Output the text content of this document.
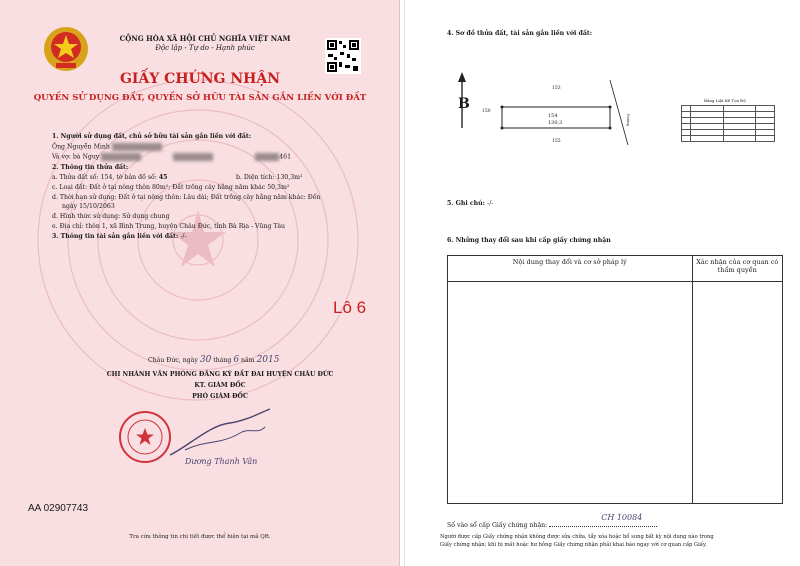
CỘNG HÒA XÃ HỘI CHỦ NGHĨA VIỆT NAM
Độc lập - Tự do - Hạnh phúc
GIẤY CHỨNG NHẬN
QUYỀN SỬ DỤNG ĐẤT, QUYỀN SỞ HỮU TÀI SẢN GẮN LIỀN VỚI ĐẤT
1. Người sử dụng đất, chủ sở hữu tài sản gắn liền với đất:
Ông Nguyễn Minh
Và vợ: bà Nguy	461
2. Thông tin thửa đất:
a. Thửa đất số: 154, tờ bản đồ số: 45	b. Diện tích: 130,3m²
c. Loại đất: Đất ở tại nông thôn 80m²; Đất trồng cây hằng năm khác 50,3m²
d. Thời hạn sử dụng: Đất ở tại nông thôn: Lâu dài; Đất trồng cây hằng năm khác: Đến
ngày 15/10/2063
đ. Hình thức sử dụng: Sử dụng chung
e. Địa chỉ: thôn 1, xã Bình Trung, huyện Châu Đức, tỉnh Bà Rịa - Vũng Tàu
3. Thông tin tài sản gắn liền với đất: -/-
Lô 6
Châu Đức, ngày 30 tháng 6 năm 2015
CHI NHÁNH VĂN PHÒNG ĐĂNG KÝ ĐẤT ĐAI HUYỆN CHÂU ĐỨC
KT. GIÁM ĐỐC
PHÓ GIÁM ĐỐC
Dương Thanh Vân
AA 02907743
Tra cứu thông tin chi tiết được thể hiện tại mã QR.
4. Sơ đồ thửa đất, tài sản gắn liền với đất:
B
153
150
155
154
130,3	Đường
Bảng Liệt Kê Tọa Độ

5. Ghi chú: -/-
6. Những thay đổi sau khi cấp giấy chứng nhận
Nội dung thay đổi và cơ sở pháp lý	Xác nhận của cơ quan có thẩm quyền

Số vào sổ cấp Giấy chứng nhận:
CH 10084
Người được cấp Giấy chứng nhận không được sửa chữa, tẩy xóa hoặc bổ sung bất kỳ nội dung nào trong
Giấy chứng nhận; khi bị mất hoặc hư hỏng Giấy chứng nhận phải khai báo ngay với cơ quan cấp Giấy.
